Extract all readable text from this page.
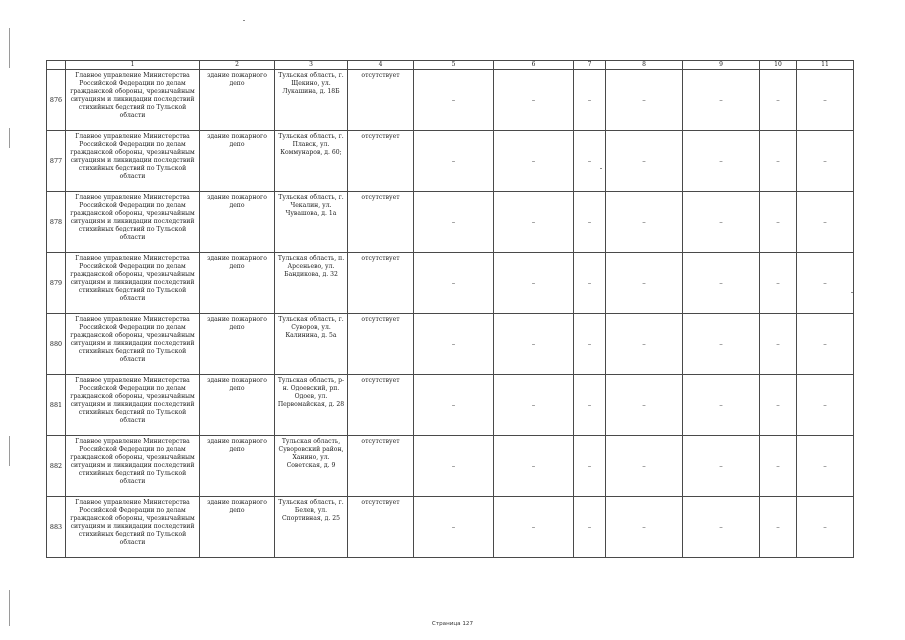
	1	2	3	4	5	6	7	8	9	10	11
876	Главное управление Министерства Российской Федерации по делам гражданской обороны, чрезвычайным ситуациям и ликвидации последствий стихийных бедствий по Тульской области	здание пожарного депо	Тульская область, г. Щекино, ул. Лукашина, д. 18Б	отсутствует	–	–	–	–	–	–	–
877	Главное управление Министерства Российской Федерации по делам гражданской обороны, чрезвычайным ситуациям и ликвидации последствий стихийных бедствий по Тульской области	здание пожарного депо	Тульская область, г. Плавск, ул. Коммунаров, д. 60;	отсутствует	–	–	–	–	–	–	–
878	Главное управление Министерства Российской Федерации по делам гражданской обороны, чрезвычайным ситуациям и ликвидации последствий стихийных бедствий по Тульской области	здание пожарного депо	Тульская область, г. Чекалин, ул. Чувашова, д. 1а	отсутствует	–	–	–	–	–	–	–
879	Главное управление Министерства Российской Федерации по делам гражданской обороны, чрезвычайным ситуациям и ликвидации последствий стихийных бедствий по Тульской области	здание пожарного депо	Тульская область, п. Арсеньево, ул. Бандикова, д. 32	отсутствует	–	–	–	–	–	–	–
880	Главное управление Министерства Российской Федерации по делам гражданской обороны, чрезвычайным ситуациям и ликвидации последствий стихийных бедствий по Тульской области	здание пожарного депо	Тульская область, г. Суворов, ул. Калинина, д. 5а	отсутствует	–	–	–	–	–	–	–
881	Главное управление Министерства Российской Федерации по делам гражданской обороны, чрезвычайным ситуациям и ликвидации последствий стихийных бедствий по Тульской области	здание пожарного депо	Тульская область, р-н. Одоевский, рп. Одоев, ул. Первомайская, д. 28	отсутствует	–	–	–	–	–	–	–
882	Главное управление Министерства Российской Федерации по делам гражданской обороны, чрезвычайным ситуациям и ликвидации последствий стихийных бедствий по Тульской области	здание пожарного депо	Тульская область, Суворовский район, Ханино, ул. Советская, д. 9	отсутствует	–	–	–	–	–	–	–
883	Главное управление Министерства Российской Федерации по делам гражданской обороны, чрезвычайным ситуациям и ликвидации последствий стихийных бедствий по Тульской области	здание пожарного депо	Тульская область, г. Белев, ул. Спортивная, д. 25	отсутствует	–	–	–	–	–	–	–
Страница 127
